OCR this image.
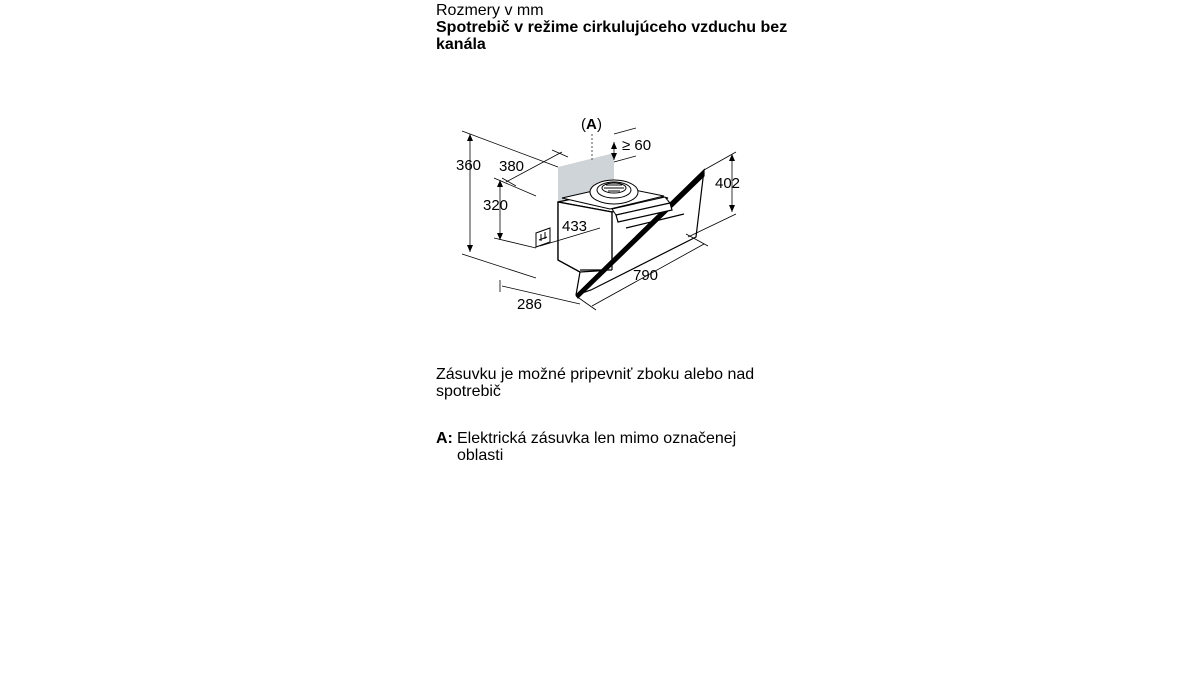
Rozmery v mm
Spotrebič v režime cirkulujúceho vzduchu bez kanála
( A )
≥ 60
360 380
320
433
402
790
286
Zásuvku je možné pripevniť zboku alebo nad spotrebič
A: Elektrická zásuvka len mimo označenej oblasti
